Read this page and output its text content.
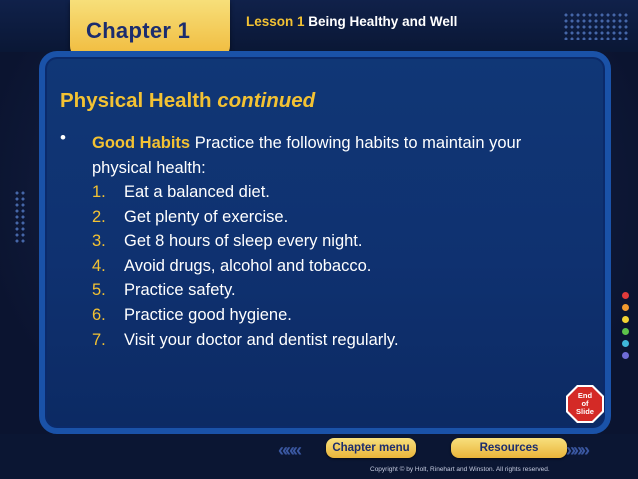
Chapter 1	Lesson 1 Being Healthy and Well
Physical Health continued
• Good Habits Practice the following habits to maintain your physical health:
1. Eat a balanced diet.
2. Get plenty of exercise.
3. Get 8 hours of sleep every night.
4. Avoid drugs, alcohol and tobacco.
5. Practice safety.
6. Practice good hygiene.
7. Visit your doctor and dentist regularly.
End
of
Slide
«««	Chapter menu	Resources	»»»
Copyright © by Holt, Rinehart and Winston. All rights reserved.
